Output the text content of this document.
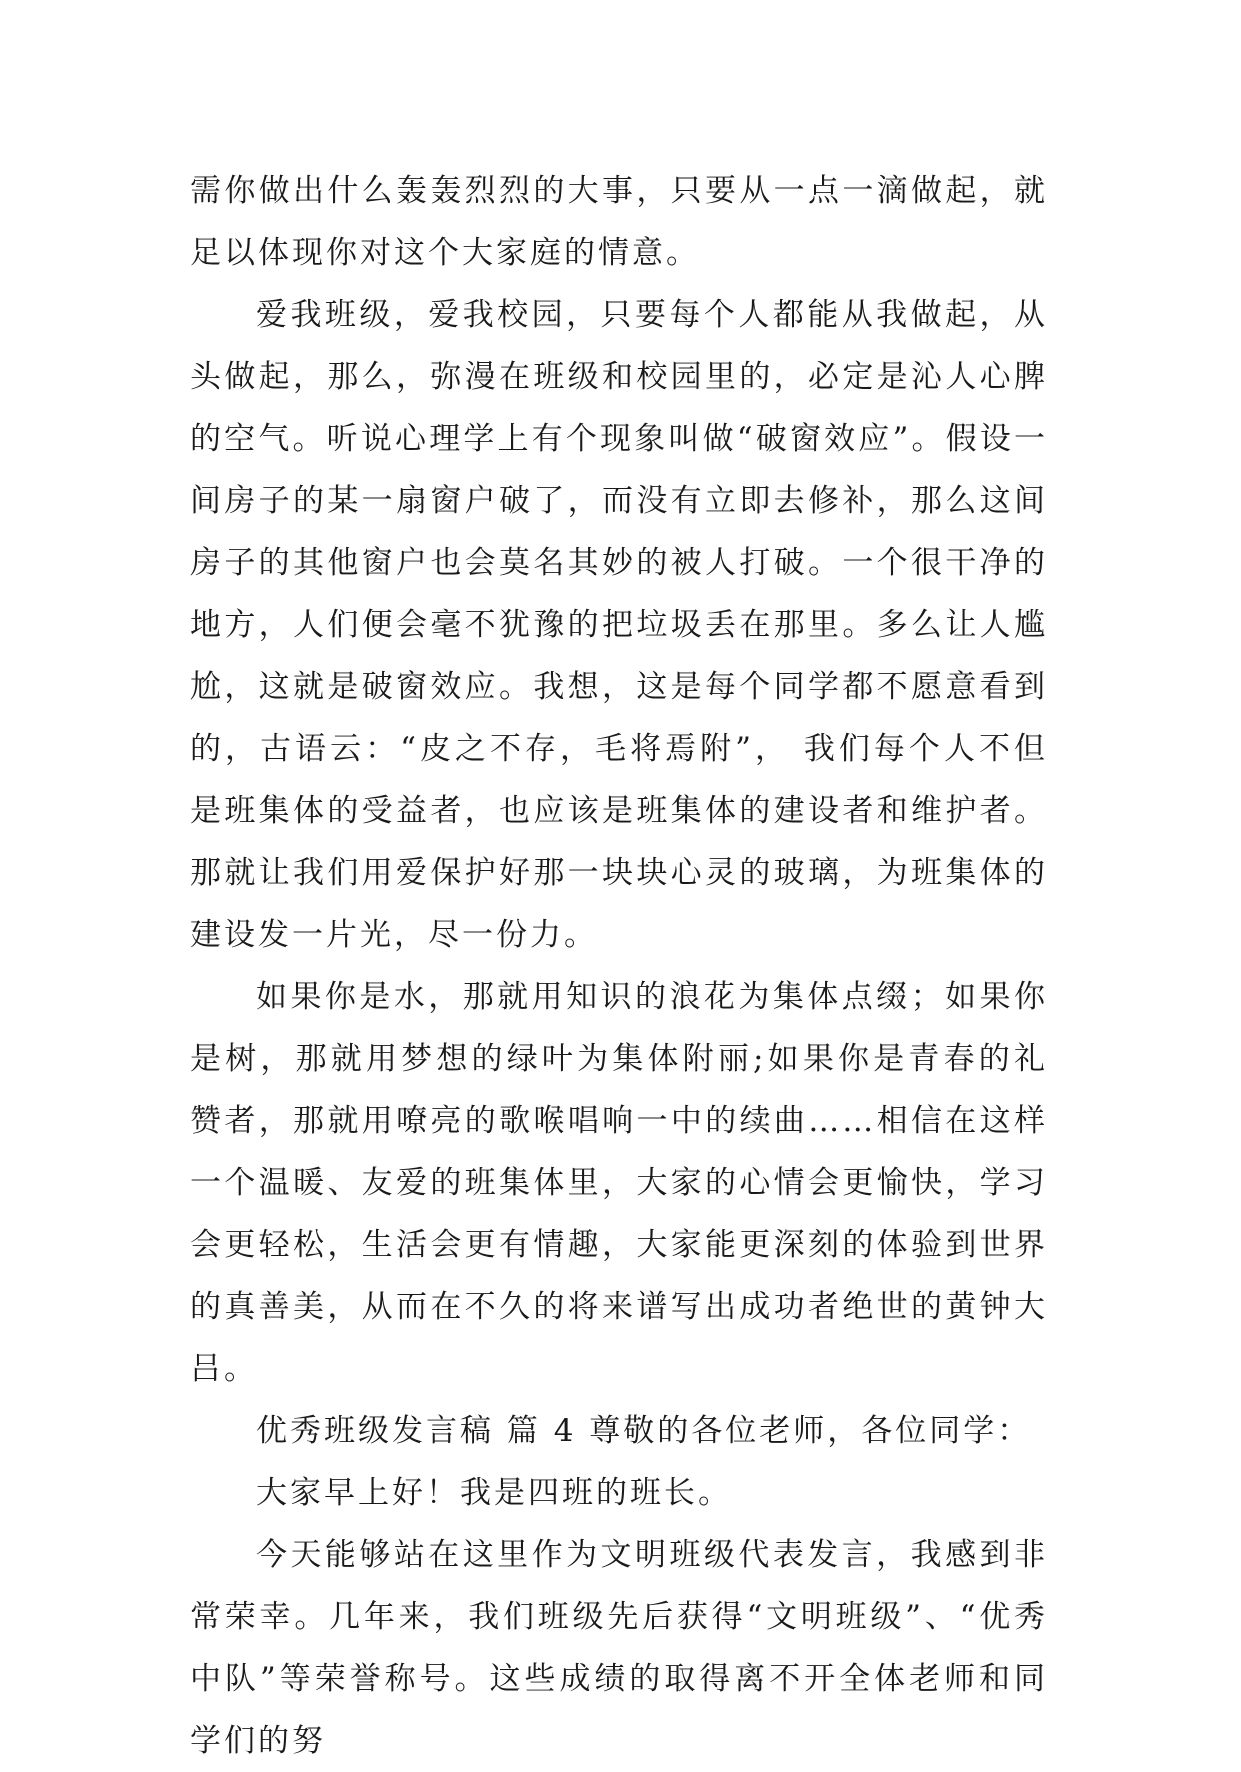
需你做出什么轰轰烈烈的大事，只要从一点一滴做起，就足以体现你对这个大家庭的情意。

爱我班级，爱我校园，只要每个人都能从我做起，从头做起，那么，弥漫在班级和校园里的，必定是沁人心脾的空气。听说心理学上有个现象叫做“破窗效应”。假设一间房子的某一扇窗户破了，而没有立即去修补，那么这间房子的其他窗户也会莫名其妙的被人打破。一个很干净的地方，人们便会毫不犹豫的把垃圾丢在那里。多么让人尴尬，这就是破窗效应。我想，这是每个同学都不愿意看到的，古语云：“皮之不存，毛将焉附”， 我们每个人不但是班集体的受益者，也应该是班集体的建设者和维护者。那就让我们用爱保护好那一块块心灵的玻璃，为班集体的建设发一片光，尽一份力。

如果你是水，那就用知识的浪花为集体点缀；如果你是树，那就用梦想的绿叶为集体附丽;如果你是青春的礼赞者，那就用嘹亮的歌喉唱响一中的续曲……相信在这样一个温暖、友爱的班集体里，大家的心情会更愉快，学习会更轻松，生活会更有情趣，大家能更深刻的体验到世界的真善美，从而在不久的将来谱写出成功者绝世的黄钟大吕。

优秀班级发言稿 篇 4 尊敬的各位老师，各位同学：

大家早上好！我是四班的班长。

今天能够站在这里作为文明班级代表发言，我感到非常荣幸。几年来，我们班级先后获得“文明班级”、“优秀中队”等荣誉称号。这些成绩的取得离不开全体老师和同学们的努
